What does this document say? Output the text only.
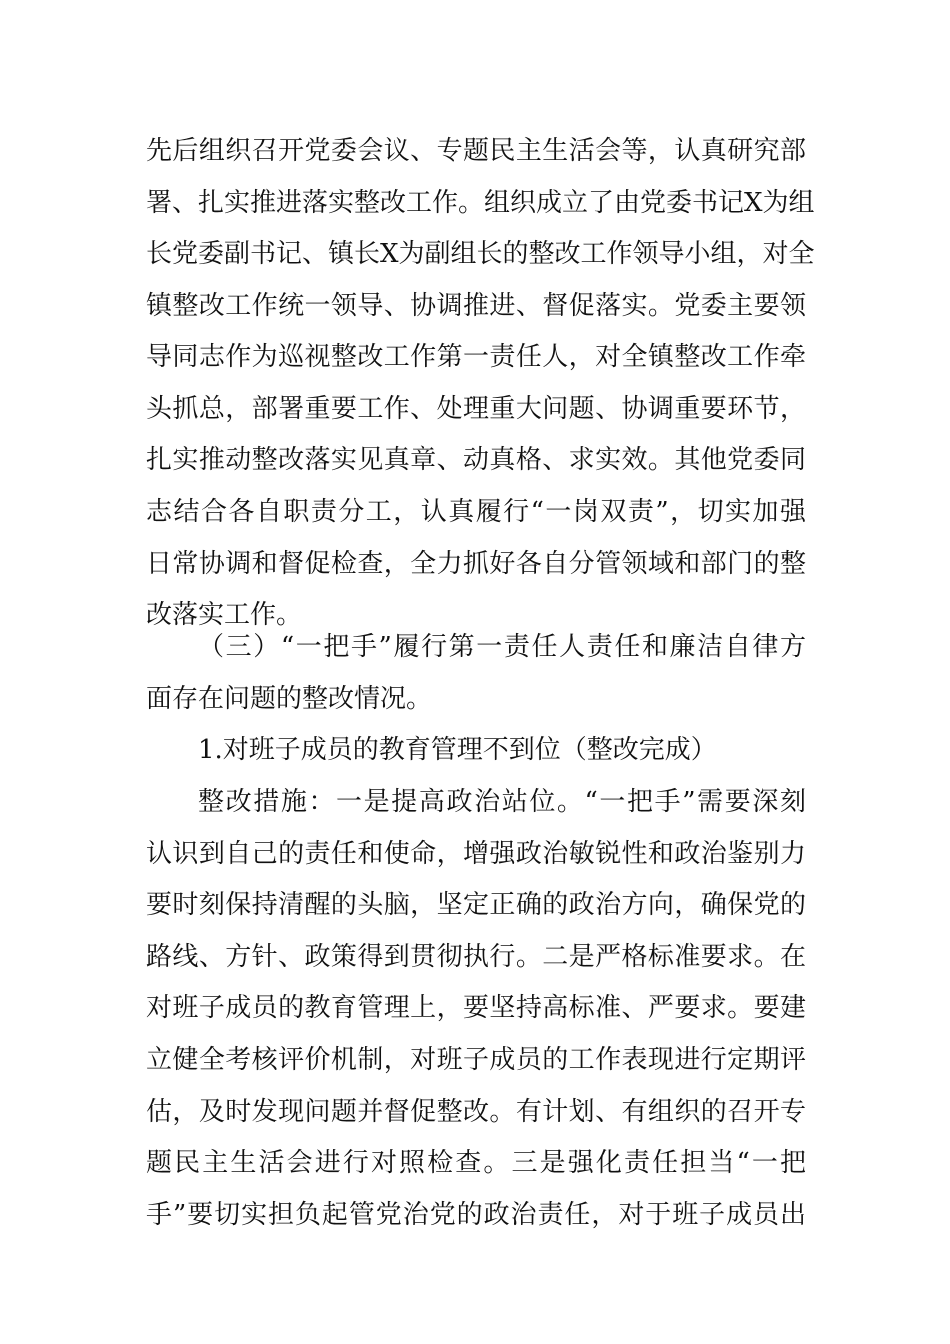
先后组织召开党委会议、专题民主生活会等，认真研究部
署、扎实推进落实整改工作。组织成立了由党委书记X为组
长党委副书记、镇长X为副组长的整改工作领导小组，对全
镇整改工作统一领导、协调推进、督促落实。党委主要领
导同志作为巡视整改工作第一责任人，对全镇整改工作牵
头抓总，部署重要工作、处理重大问题、协调重要环节，
扎实推动整改落实见真章、动真格、求实效。其他党委同
志结合各自职责分工，认真履行“一岗双责”，切实加强
日常协调和督促检查，全力抓好各自分管领域和部门的整
改落实工作。
（三）“一把手”履行第一责任人责任和廉洁自律方
面存在问题的整改情况。
1.对班子成员的教育管理不到位（整改完成）
整改措施：一是提高政治站位。“一把手”需要深刻
认识到自己的责任和使命，增强政治敏锐性和政治鉴别力
要时刻保持清醒的头脑，坚定正确的政治方向，确保党的
路线、方针、政策得到贯彻执行。二是严格标准要求。在
对班子成员的教育管理上，要坚持高标准、严要求。要建
立健全考核评价机制，对班子成员的工作表现进行定期评
估，及时发现问题并督促整改。有计划、有组织的召开专
题民主生活会进行对照检查。三是强化责任担当“一把
手”要切实担负起管党治党的政治责任，对于班子成员出
